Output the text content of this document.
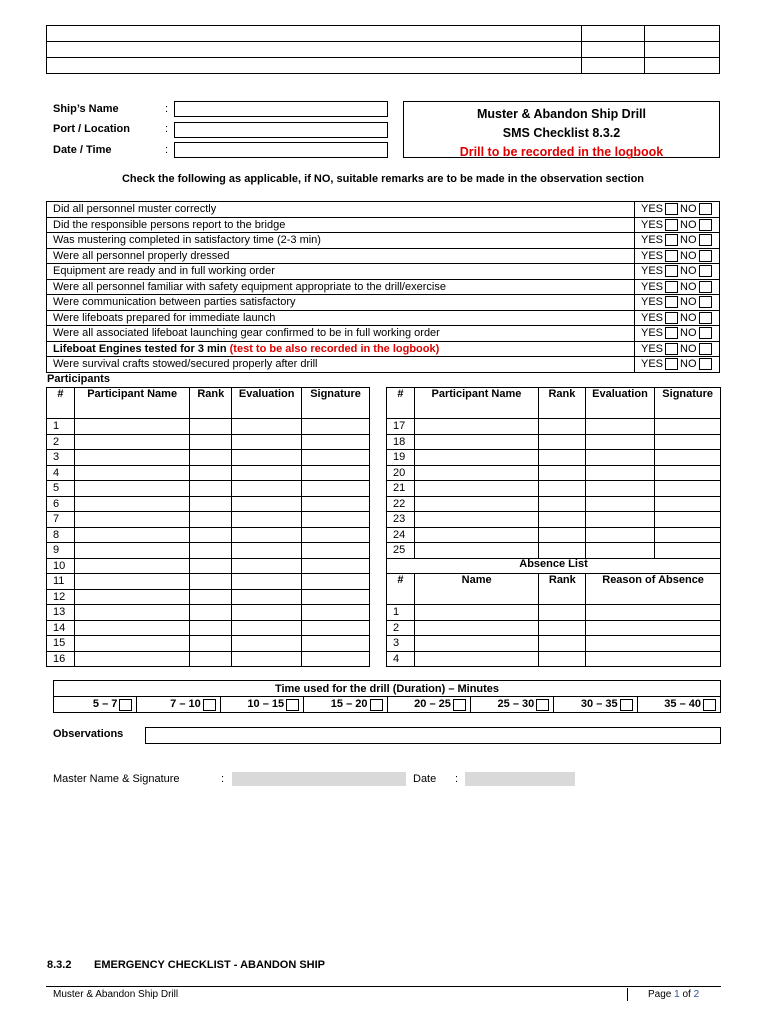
Ship’s Name	:
Port / Location	:
Date / Time	:
Muster & Abandon Ship Drill
SMS Checklist 8.3.2
Drill to be recorded in the logbook
Check the following as applicable, if NO, suitable remarks are to be made in the observation section
Did all personnel muster correctly	YES NO
Did the responsible persons report to the bridge	YES NO
Was mustering completed in satisfactory time (2-3 min)	YES NO
Were all personnel properly dressed	YES NO
Equipment are ready and in full working order	YES NO
Were all personnel familiar with safety equipment appropriate to the drill/exercise	YES NO
Were communication between parties satisfactory	YES NO
Were lifeboats prepared for immediate launch	YES NO
Were all associated lifeboat launching gear confirmed to be in full working order	YES NO
Lifeboat Engines tested for 3 min (test to be also recorded in the logbook)	YES NO
Were survival crafts stowed/secured properly after drill	YES NO
Participants
#	Participant Name	Rank	Evaluation	Signature
1				
2				
3				
4				
5				
6				
7				
8				
9				
10				
11				
12				
13				
14				
15				
16				
#	Participant Name	Rank	Evaluation	Signature
17				
18				
19				
20				
21				
22				
23				
24				
25				
Absence List
#	Name	Rank	Reason of Absence
1			
2			
3			
4			
Time used for the drill (Duration) – Minutes
5 – 7	7 – 10	10 – 15	15 – 20	20 – 25	25 – 30	30 – 35	35 – 40
Observations
Master Name & Signature	:	Date :
8.3.2 EMERGENCY CHECKLIST - ABANDON SHIP
Muster & Abandon Ship Drill	Page 1 of 2
